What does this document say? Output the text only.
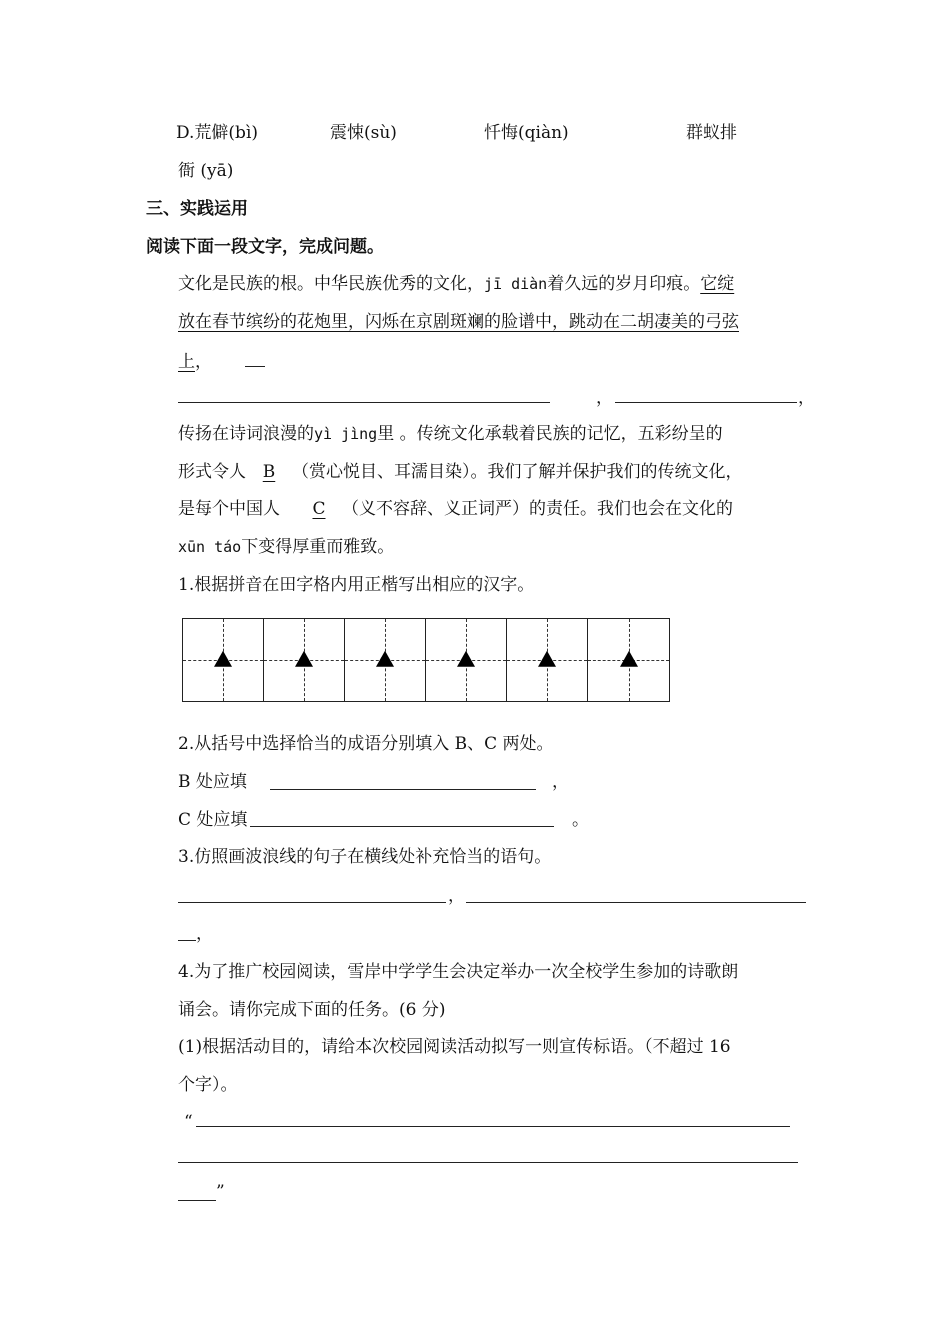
D.荒僻(bì)	震悚(sù)	忏悔(qiàn)	群蚁排
衙 (yā)
三、实践运用
阅读下面一段文字，完成问题。
文化是民族的根。中华民族优秀的文化，jī diàn着久远的岁月印痕。它绽
放在春节缤纷的花炮里，闪烁在京剧斑斓的脸谱中，跳动在二胡凄美的弓弦
上，
，	，
传扬在诗词浪漫的yì jìng里 。传统文化承载着民族的记忆，五彩纷呈的
形式令人 B （赏心悦目、耳濡目染）。我们了解并保护我们的传统文化，
是每个中国人 C （义不容辞、义正词严）的责任。我们也会在文化的
xūn táo下变得厚重而雅致。
1.根据拼音在田字格内用正楷写出相应的汉字。
2.从括号中选择恰当的成语分别填入 B、C 两处。
B 处应填	，
C 处应填	。
3.仿照画波浪线的句子在横线处补充恰当的语句。
，
，
4.为了推广校园阅读，雪岸中学学生会决定举办一次全校学生参加的诗歌朗
诵会。请你完成下面的任务。(6 分)
(1)根据活动目的，请给本次校园阅读活动拟写一则宣传标语。（不超过 16
个字）。
“
”
